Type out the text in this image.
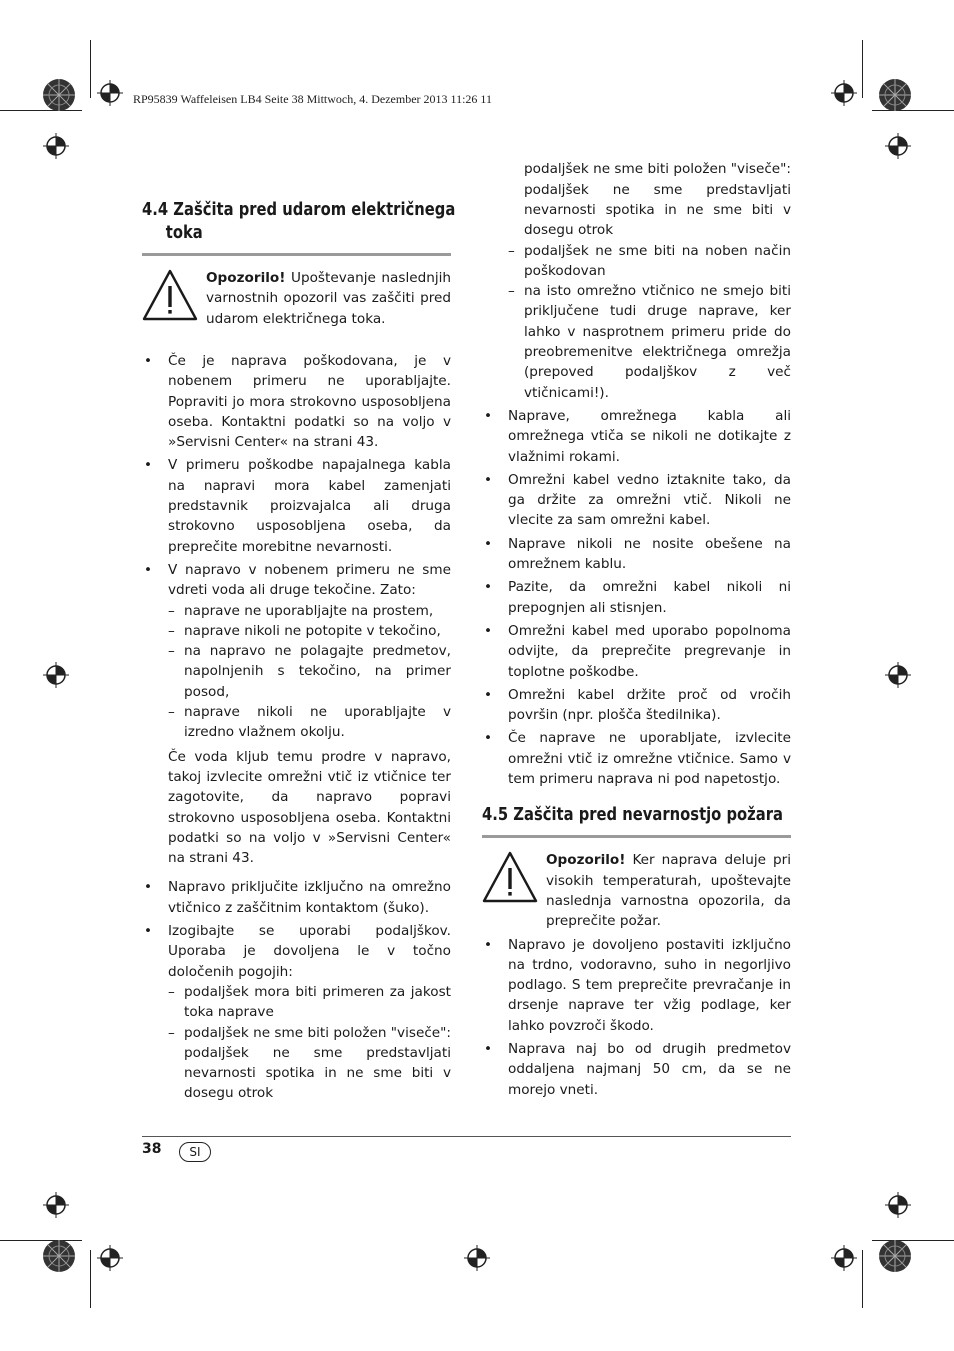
RP95839 Waffeleisen LB4 Seite 38 Mittwoch, 4. Dezember 2013 11:26 11
4.4 Zaščita pred udarom električnega
toka

Opozorilo! Upoštevanje naslednjih varnostnih opozoril vas zaščiti pred udarom električnega toka.

• Če je naprava poškodovana, je v nobenem primeru ne uporabljajte. Popraviti jo mora strokovno usposobljena oseba. Kontaktni podatki so na voljo v »Servisni Center« na strani 43.
• V primeru poškodbe napajalnega kabla na napravi mora kabel zamenjati predstavnik proizvajalca ali druga strokovno usposobljena oseba, da preprečite morebitne nevarnosti.
• V napravo v nobenem primeru ne sme vdreti voda ali druge tekočine. Zato:
– naprave ne uporabljajte na prostem,
– naprave nikoli ne potopite v tekočino,
– na napravo ne polagajte predmetov, napolnjenih s tekočino, na primer posod,
– naprave nikoli ne uporabljajte v izredno vlažnem okolju.

Če voda kljub temu prodre v napravo, takoj izvlecite omrežni vtič iz vtičnice ter zagotovite, da napravo popravi strokovno usposobljena oseba. Kontaktni podatki so na voljo v »Servisni Center« na strani 43.

• Napravo priključite izključno na omrežno vtičnico z zaščitnim kontaktom (šuko).
• Izogibajte se uporabi podaljškov. Uporaba je dovoljena le v točno določenih pogojih:
– podaljšek mora biti primeren za jakost toka naprave
– podaljšek ne sme biti položen "viseče": podaljšek ne sme predstavljati nevarnosti spotika in ne sme biti v dosegu otrok

podaljšek ne sme biti položen "viseče": podaljšek ne sme predstavljati nevarnosti spotika in ne sme biti v dosegu otrok

– podaljšek ne sme biti na noben način poškodovan
– na isto omrežno vtičnico ne smejo biti priključene tudi druge naprave, ker lahko v nasprotnem primeru pride do preobremenitve električnega omrežja (prepoved podaljškov z več vtičnicami!).
• Naprave, omrežnega kabla ali omrežnega vtiča se nikoli ne dotikajte z vlažnimi rokami.
• Omrežni kabel vedno iztaknite tako, da ga držite za omrežni vtič. Nikoli ne vlecite za sam omrežni kabel.
• Naprave nikoli ne nosite obešene na omrežnem kablu.
• Pazite, da omrežni kabel nikoli ni prepognjen ali stisnjen.
• Omrežni kabel med uporabo popolnoma odvijte, da preprečite pregrevanje in toplotne poškodbe.
• Omrežni kabel držite proč od vročih površin (npr. plošča štedilnika).
• Če naprave ne uporabljate, izvlecite omrežni vtič iz omrežne vtičnice. Samo v tem primeru naprava ni pod napetostjo.
4.5 Zaščita pred nevarnostjo požara

Opozorilo! Ker naprava deluje pri visokih temperaturah, upoštevajte naslednja varnostna opozorila, da preprečite požar.

• Napravo je dovoljeno postaviti izključno na trdno, vodoravno, suho in negorljivo podlago. S tem preprečite prevračanje in drsenje naprave ter vžig podlage, ker lahko povzroči škodo.
• Naprava naj bo od drugih predmetov oddaljena najmanj 50 cm, da se ne morejo vneti.
38	SI
